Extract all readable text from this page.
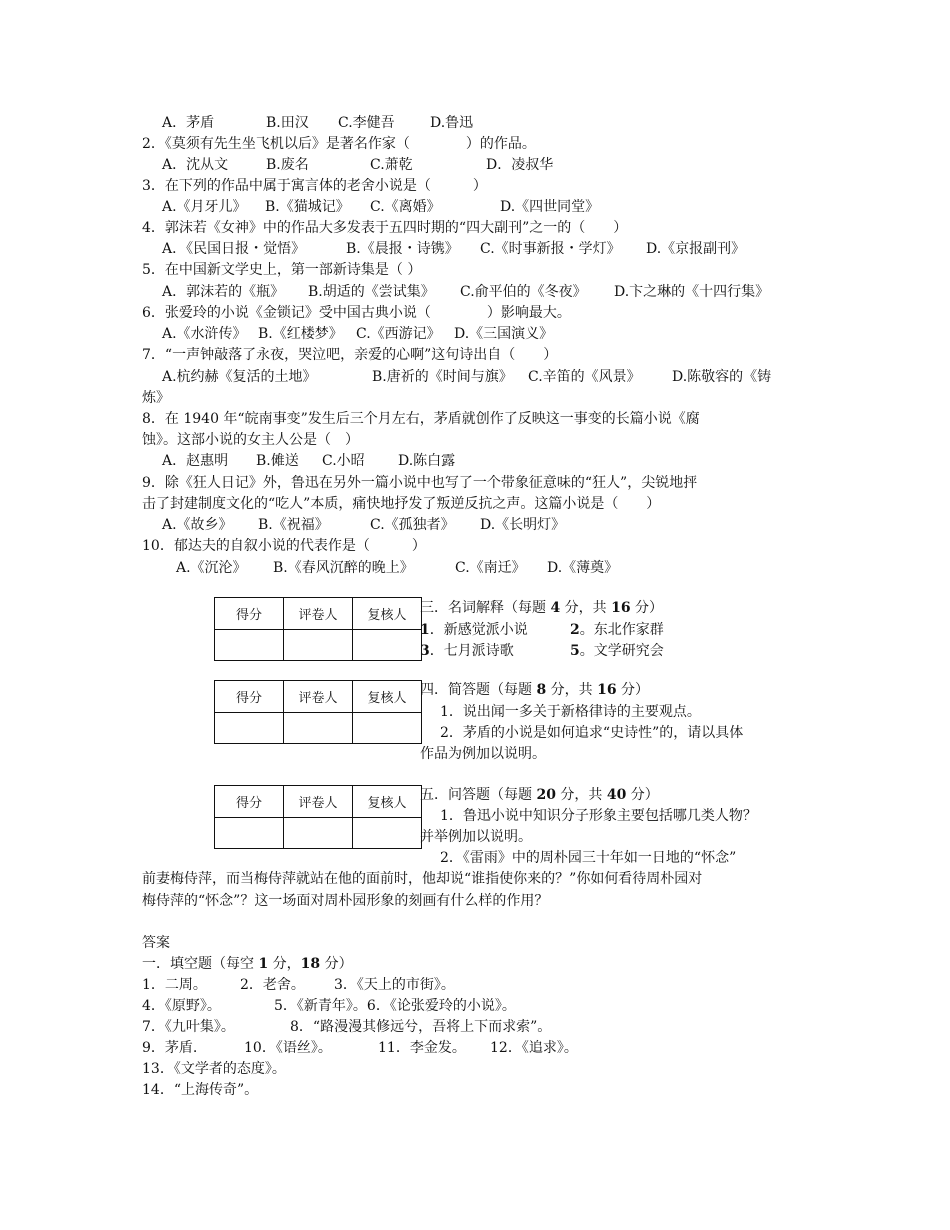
A．茅盾	B.田汉 C.李健吾	D.鲁迅
2．《莫须有先生坐飞机以后》是著名作家（　　　　）的作品。
A．沈从文	B.废名	C.萧乾	D．凌叔华
3．在下列的作品中属于寓言体的老舍小说是（　　　）
A.《月牙儿》 B.《猫城记》 C.《离婚》	D.《四世同堂》
4．郭沫若《女神》中的作品大多发表于五四时期的“四大副刊”之一的（　　）
A．《民国日报・觉悟》	B.《晨报・诗镌》 C.《时事新报・学灯》 D.《京报副刊》
5．在中国新文学史上，第一部新诗集是（ ）
A．郭沫若的《瓶》 B.胡适的《尝试集》 C.俞平伯的《冬夜》 D.卞之琳的《十四行集》
6．张爱玲的小说《金锁记》受中国古典小说（　　　　）影响最大。
A.《水浒传》 B.《红楼梦》 C.《西游记》 D.《三国演义》
7．“一声钟敲落了永夜，哭泣吧，亲爱的心啊”这句诗出自（　　）
A.杭约赫《复活的土地》	B.唐祈的《时间与旗》 C.辛笛的《风景》 D.陈敬容的《铸
炼》
8．在 1940 年“皖南事变”发生后三个月左右，茅盾就创作了反映这一事变的长篇小说《腐
蚀》。这部小说的女主人公是（　）
A．赵惠明 B.傩送 C.小昭 D.陈白露
9．除《狂人日记》外，鲁迅在另外一篇小说中也写了一个带象征意味的“狂人”，尖锐地抨
击了封建制度文化的“吃人”本质，痛快地抒发了叛逆反抗之声。这篇小说是（　　）
A.《故乡》 B.《祝福》	C.《孤独者》 D.《长明灯》
10．郁达夫的自叙小说的代表作是（　　　）
A.《沉沦》 B.《春风沉醉的晚上》	C.《南迁》 D.《薄奠》
得分	评卷人	复核人
		三．名词解释（每题 4 分，共 16 分）
1．新感觉派小说	2。东北作家群
3．七月派诗歌	5。文学研究会
得分	评卷人	复核人

四．简答题（每题 8 分，共 16 分）
1．说出闻一多关于新格律诗的主要观点。
2．茅盾的小说是如何追求“史诗性”的，请以具体
作品为例加以说明。
得分	评卷人	复核人

五．问答题（每题 20 分，共 40 分）
1．鲁迅小说中知识分子形象主要包括哪几类人物？
并举例加以说明。
2．《雷雨》中的周朴园三十年如一日地的“怀念”
前妻梅侍萍，而当梅侍萍就站在他的面前时，他却说“谁指使你来的？”你如何看待周朴园对
梅侍萍的“怀念”？这一场面对周朴园形象的刻画有什么样的作用？
答案
一．填空题（每空 1 分，18 分）
1．二周。 2．老舍。 3．《天上的市街》。
4．《原野》。	5．《新青年》。6．《论张爱玲的小说》。
7．《九叶集》。	8．“路漫漫其修远兮，吾将上下而求索”。
9．茅盾.	10．《语丝》。	11．李金发。 12．《追求》。
13．《文学者的态度》。
14．“上海传奇”。
